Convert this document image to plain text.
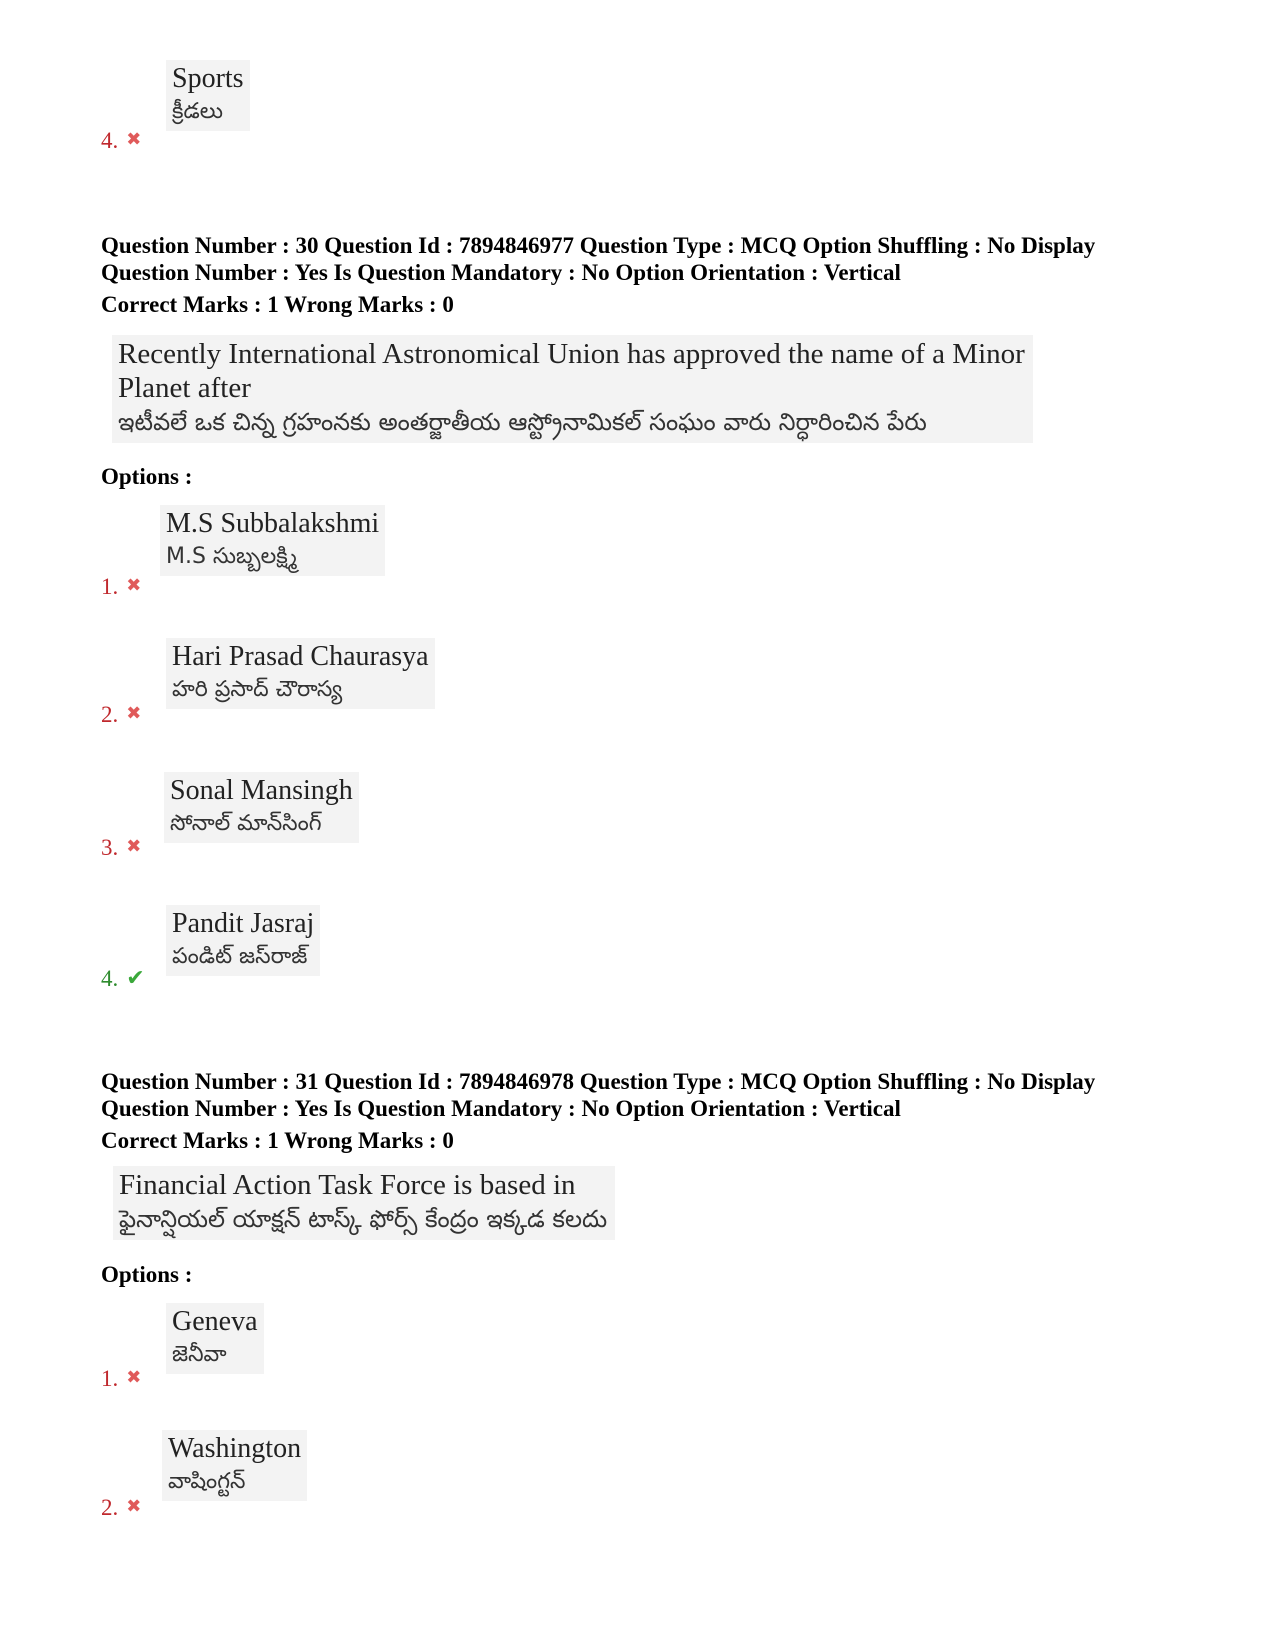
Sports
క్రీడలు
4. ✖
Question Number : 30 Question Id : 7894846977 Question Type : MCQ Option Shuffling : No Display
Question Number : Yes Is Question Mandatory : No Option Orientation : Vertical
Correct Marks : 1 Wrong Marks : 0
Recently International Astronomical Union has approved the name of a Minor
Planet after
ఇటీవలే ఒక చిన్న గ్రహంనకు అంతర్జాతీయ ఆస్ట్రోనామికల్ సంఘం వారు నిర్ధారించిన పేరు
Options :
M.S Subbalakshmi
M.S సుబ్బలక్ష్మి
1. ✖
Hari Prasad Chaurasya
హరి ప్రసాద్ చౌరాస్య
2. ✖
Sonal Mansingh
సోనాల్ మాన్‌సింగ్
3. ✖
Pandit Jasraj
పండిట్ జస్‌రాజ్
4. ✔
Question Number : 31 Question Id : 7894846978 Question Type : MCQ Option Shuffling : No Display
Question Number : Yes Is Question Mandatory : No Option Orientation : Vertical
Correct Marks : 1 Wrong Marks : 0
Financial Action Task Force is based in
ఫైనాన్షియల్ యాక్షన్ టాస్క్ ఫోర్స్ కేంద్రం ఇక్కడ కలదు
Options :
Geneva
జెనీవా
1. ✖
Washington
వాషింగ్టన్
2. ✖
